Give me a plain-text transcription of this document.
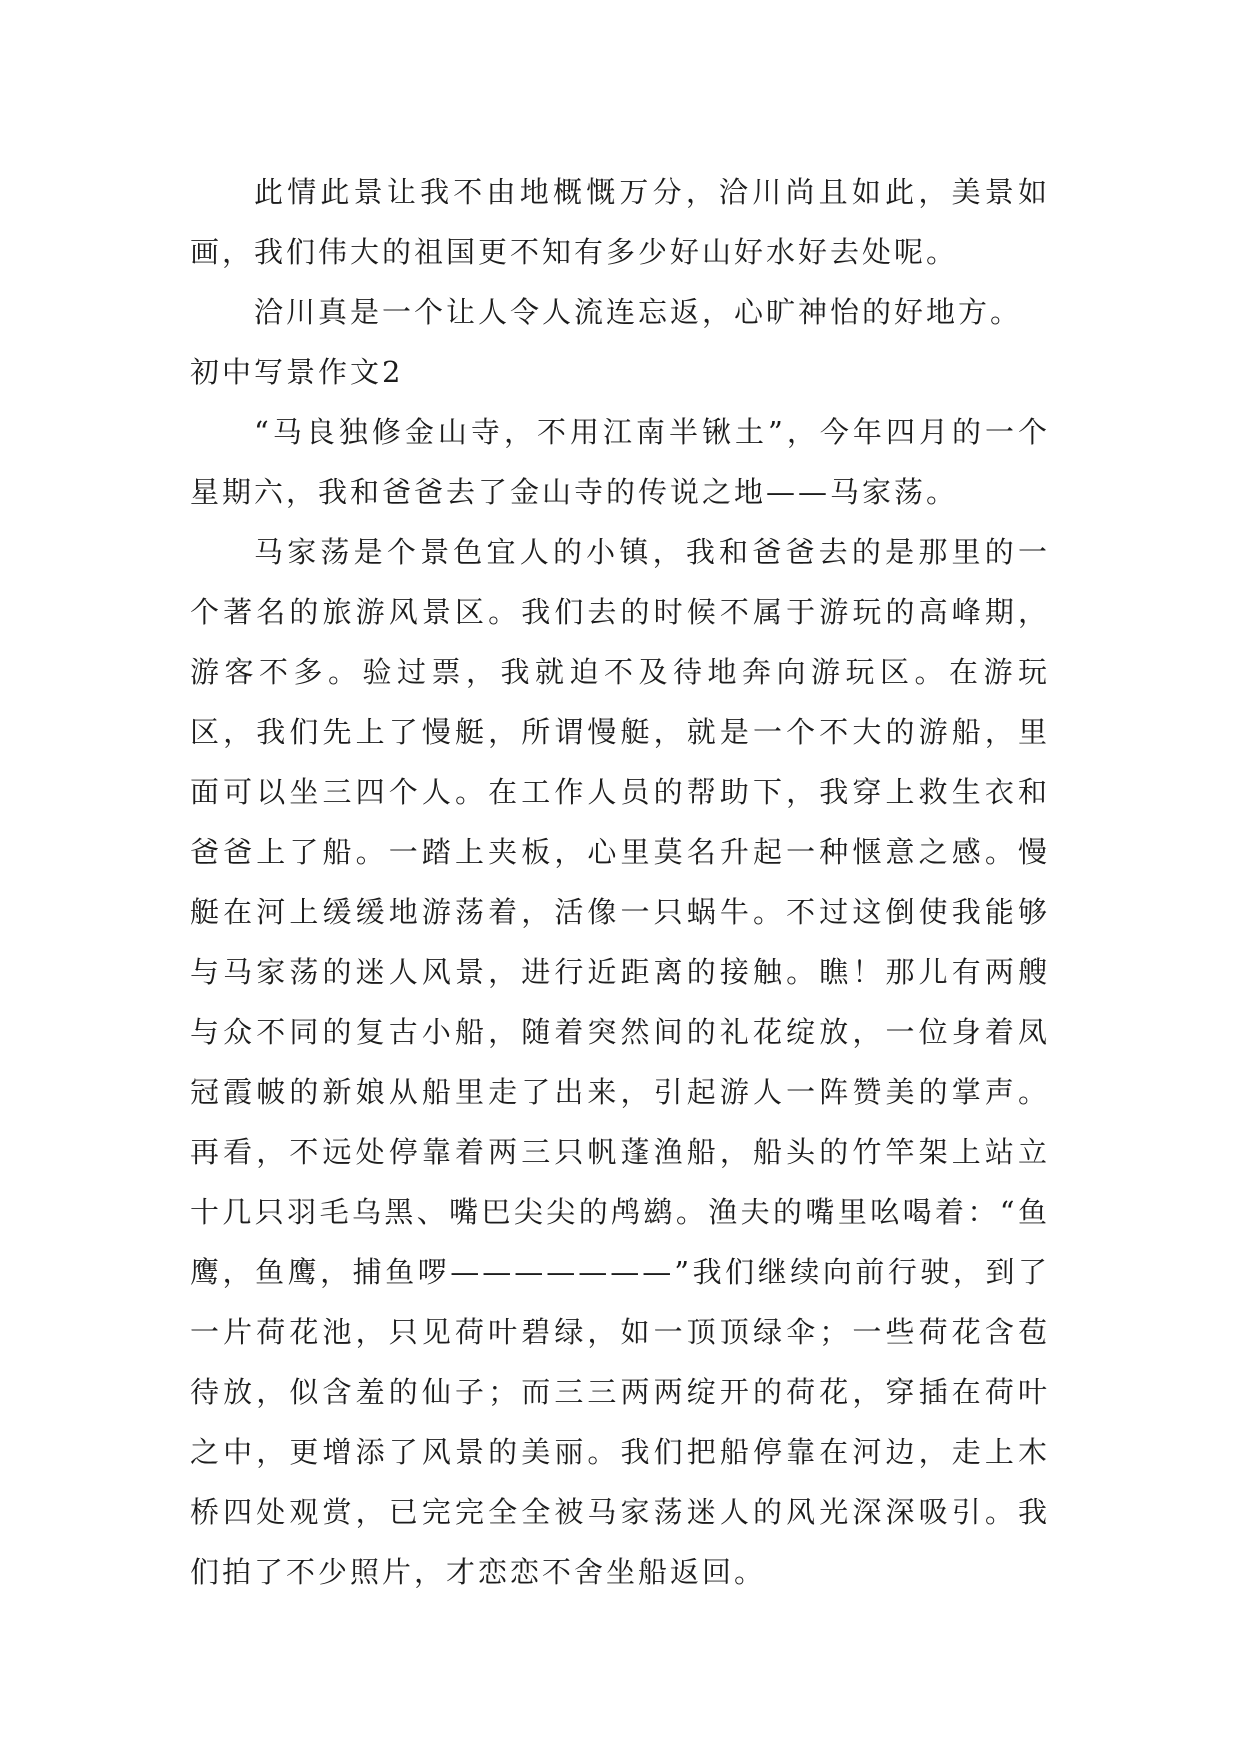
此情此景让我不由地概慨万分，洽川尚且如此，美景如画，我们伟大的祖国更不知有多少好山好水好去处呢。

洽川真是一个让人令人流连忘返，心旷神怡的好地方。

初中写景作文2

“马良独修金山寺，不用江南半锹土”，今年四月的一个星期六，我和爸爸去了金山寺的传说之地——马家荡。

马家荡是个景色宜人的小镇，我和爸爸去的是那里的一个著名的旅游风景区。我们去的时候不属于游玩的高峰期，游客不多。验过票，我就迫不及待地奔向游玩区。在游玩区，我们先上了慢艇，所谓慢艇，就是一个不大的游船，里面可以坐三四个人。在工作人员的帮助下，我穿上救生衣和爸爸上了船。一踏上夹板，心里莫名升起一种惬意之感。慢艇在河上缓缓地游荡着，活像一只蜗牛。不过这倒使我能够与马家荡的迷人风景，进行近距离的接触。瞧！那儿有两艘与众不同的复古小船，随着突然间的礼花绽放，一位身着凤冠霞帔的新娘从船里走了出来，引起游人一阵赞美的掌声。再看，不远处停靠着两三只帆蓬渔船，船头的竹竿架上站立十几只羽毛乌黑、嘴巴尖尖的鸬鹚。渔夫的嘴里吆喝着：“鱼鹰，鱼鹰，捕鱼啰———————”我们继续向前行驶，到了一片荷花池，只见荷叶碧绿，如一顶顶绿伞；一些荷花含苞待放，似含羞的仙子；而三三两两绽开的荷花，穿插在荷叶之中，更增添了风景的美丽。我们把船停靠在河边，走上木桥四处观赏，已完完全全被马家荡迷人的风光深深吸引。我们拍了不少照片，才恋恋不舍坐船返回。
